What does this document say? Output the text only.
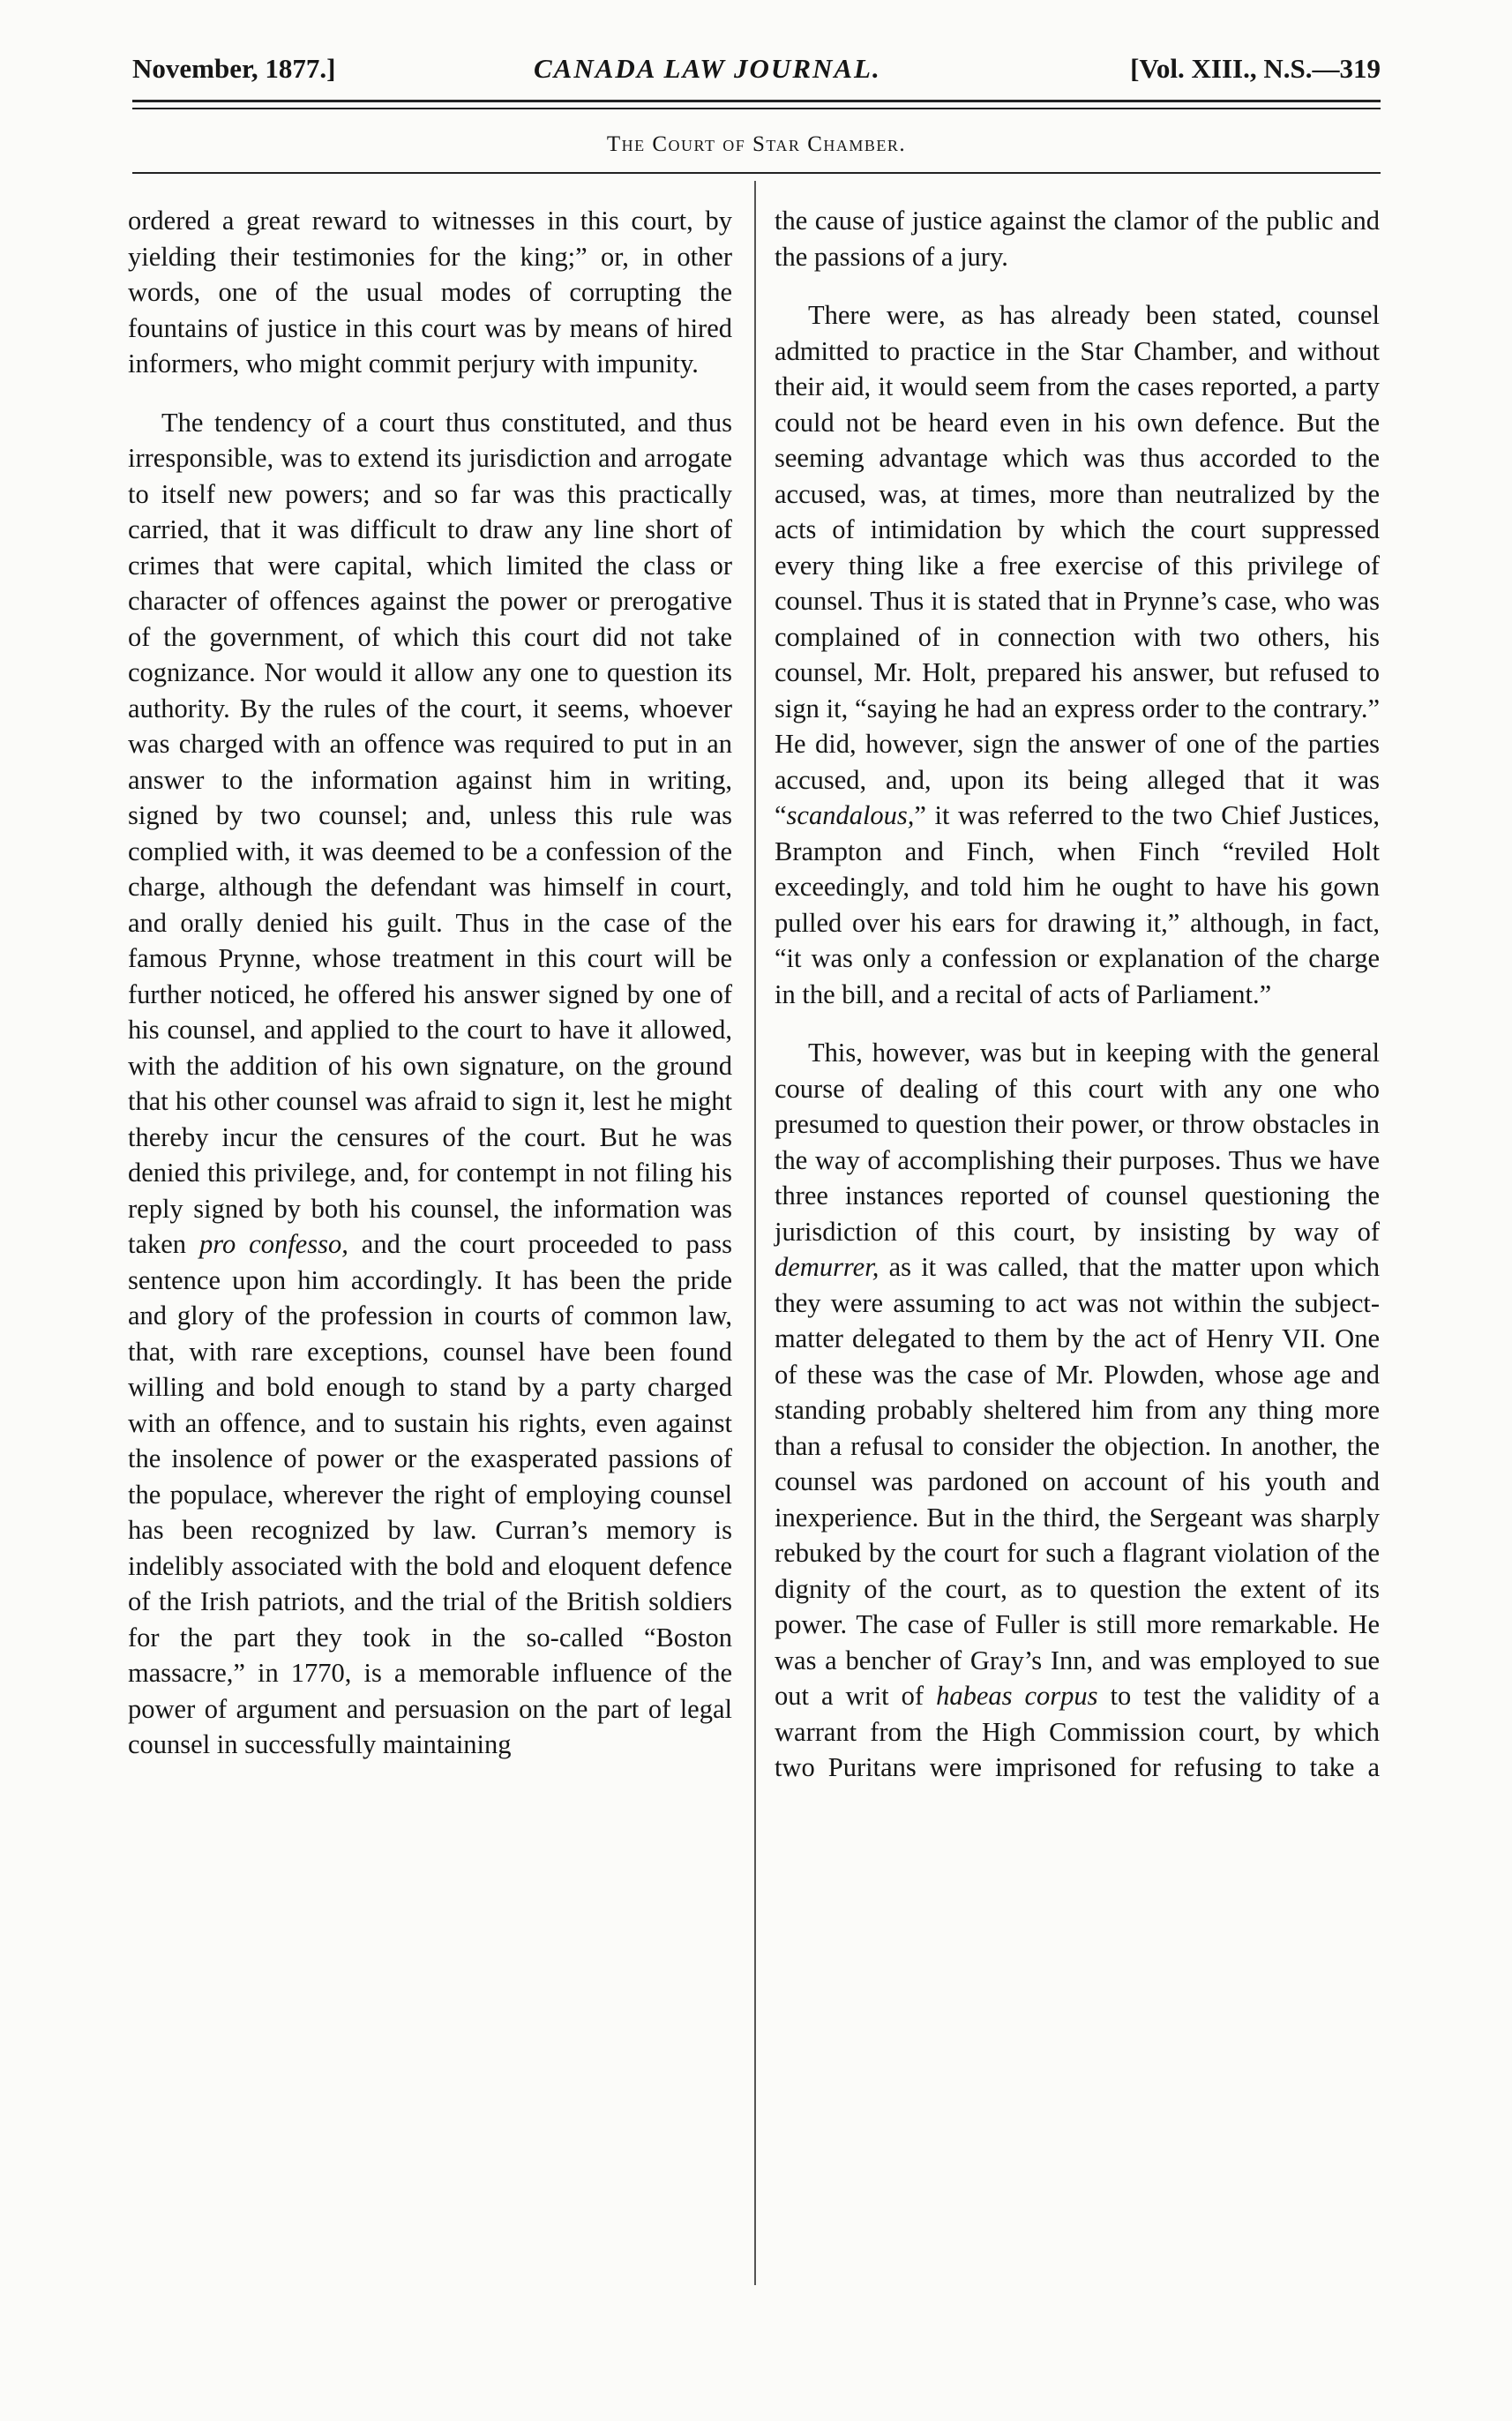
November, 1877.]	CANADA LAW JOURNAL.	[Vol. XIII., N.S.—319
The Court of Star Chamber.

ordered a great reward to witnesses in this court, by yielding their testimonies for the king;” or, in other words, one of the usual modes of corrupting the fountains of justice in this court was by means of hired informers, who might commit perjury with impunity.

The tendency of a court thus constituted, and thus irresponsible, was to extend its jurisdiction and arrogate to itself new powers; and so far was this practically carried, that it was difficult to draw any line short of crimes that were capital, which limited the class or character of offences against the power or prerogative of the government, of which this court did not take cognizance. Nor would it allow any one to question its authority. By the rules of the court, it seems, whoever was charged with an offence was required to put in an answer to the information against him in writing, signed by two counsel; and, unless this rule was complied with, it was deemed to be a confession of the charge, although the defendant was himself in court, and orally denied his guilt. Thus in the case of the famous Prynne, whose treatment in this court will be further noticed, he offered his answer signed by one of his counsel, and applied to the court to have it allowed, with the addition of his own signature, on the ground that his other counsel was afraid to sign it, lest he might thereby incur the censures of the court. But he was denied this privilege, and, for contempt in not filing his reply signed by both his counsel, the information was taken pro confesso, and the court proceeded to pass sentence upon him accordingly. It has been the pride and glory of the profession in courts of common law, that, with rare exceptions, counsel have been found willing and bold enough to stand by a party charged with an offence, and to sustain his rights, even against the insolence of power or the exasperated passions of the populace, wherever the right of employing counsel has been recognized by law. Curran’s memory is indelibly associated with the bold and eloquent defence of the Irish patriots, and the trial of the British soldiers for the part they took in the so-called “Boston massacre,” in 1770, is a memorable influence of the power of argument and persuasion on the part of legal counsel in successfully maintaining

the cause of justice against the clamor of the public and the passions of a jury.

There were, as has already been stated, counsel admitted to practice in the Star Chamber, and without their aid, it would seem from the cases reported, a party could not be heard even in his own defence. But the seeming advantage which was thus accorded to the accused, was, at times, more than neutralized by the acts of intimidation by which the court suppressed every thing like a free exercise of this privilege of counsel. Thus it is stated that in Prynne’s case, who was complained of in connection with two others, his counsel, Mr. Holt, prepared his answer, but refused to sign it, “saying he had an express order to the contrary.” He did, however, sign the answer of one of the parties accused, and, upon its being alleged that it was “scandalous,” it was referred to the two Chief Justices, Brampton and Finch, when Finch “reviled Holt exceedingly, and told him he ought to have his gown pulled over his ears for drawing it,” although, in fact, “it was only a confession or explanation of the charge in the bill, and a recital of acts of Parliament.”

This, however, was but in keeping with the general course of dealing of this court with any one who presumed to question their power, or throw obstacles in the way of accomplishing their purposes. Thus we have three instances reported of counsel questioning the jurisdiction of this court, by insisting by way of demurrer, as it was called, that the matter upon which they were assuming to act was not within the subject-matter delegated to them by the act of Henry VII. One of these was the case of Mr. Plowden, whose age and standing probably sheltered him from any thing more than a refusal to consider the objection. In another, the counsel was pardoned on account of his youth and inexperience. But in the third, the Sergeant was sharply rebuked by the court for such a flagrant violation of the dignity of the court, as to question the extent of its power. The case of Fuller is still more remarkable. He was a bencher of Gray’s Inn, and was employed to sue out a writ of habeas corpus to test the validity of a warrant from the High Commission court, by which two Puritans were imprisoned for refusing to take a
